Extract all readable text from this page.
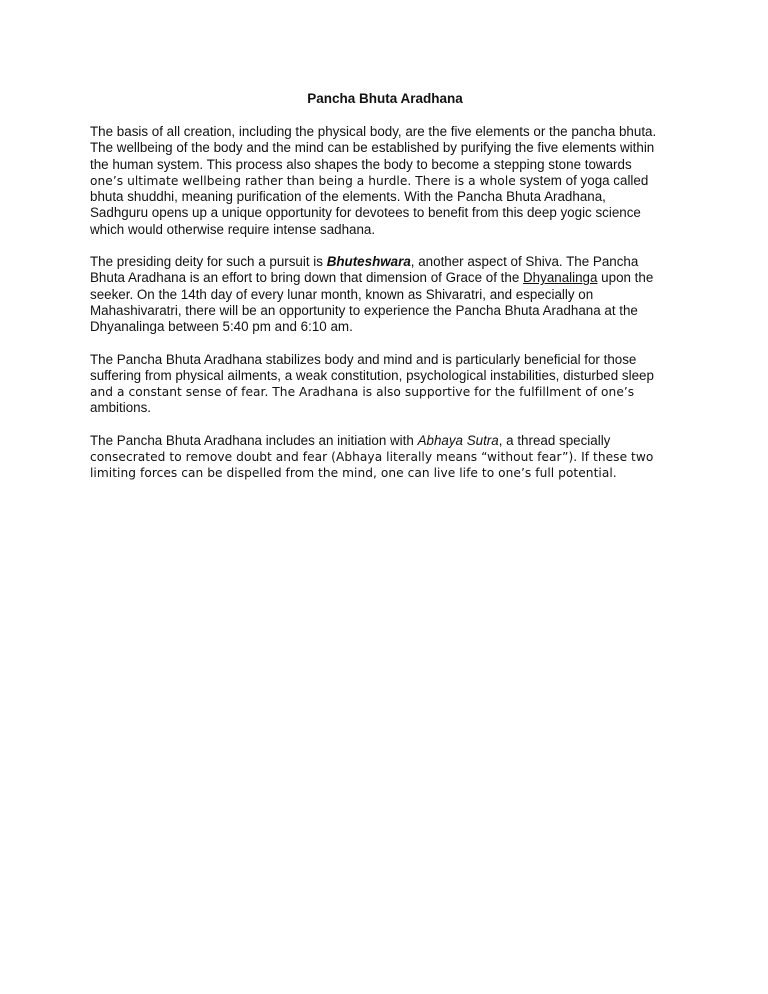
Pancha Bhuta Aradhana
The basis of all creation, including the physical body, are the five elements or the pancha bhuta.
The wellbeing of the body and the mind can be established by purifying the five elements within
the human system. This process also shapes the body to become a stepping stone towards
one’s ultimate wellbeing rather than being a hurdle. There is a whole system of yoga called
bhuta shuddhi, meaning purification of the elements. With the Pancha Bhuta Aradhana,
Sadhguru opens up a unique opportunity for devotees to benefit from this deep yogic science
which would otherwise require intense sadhana.
The presiding deity for such a pursuit is Bhuteshwara, another aspect of Shiva. The Pancha
Bhuta Aradhana is an effort to bring down that dimension of Grace of the Dhyanalinga upon the
seeker. On the 14th day of every lunar month, known as Shivaratri, and especially on
Mahashivaratri, there will be an opportunity to experience the Pancha Bhuta Aradhana at the
Dhyanalinga between 5:40 pm and 6:10 am.
The Pancha Bhuta Aradhana stabilizes body and mind and is particularly beneficial for those
suffering from physical ailments, a weak constitution, psychological instabilities, disturbed sleep
and a constant sense of fear. The Aradhana is also supportive for the fulfillment of one’s
ambitions.
The Pancha Bhuta Aradhana includes an initiation with Abhaya Sutra, a thread specially
consecrated to remove doubt and fear (Abhaya literally means “without fear”). If these two
limiting forces can be dispelled from the mind, one can live life to one’s full potential.
